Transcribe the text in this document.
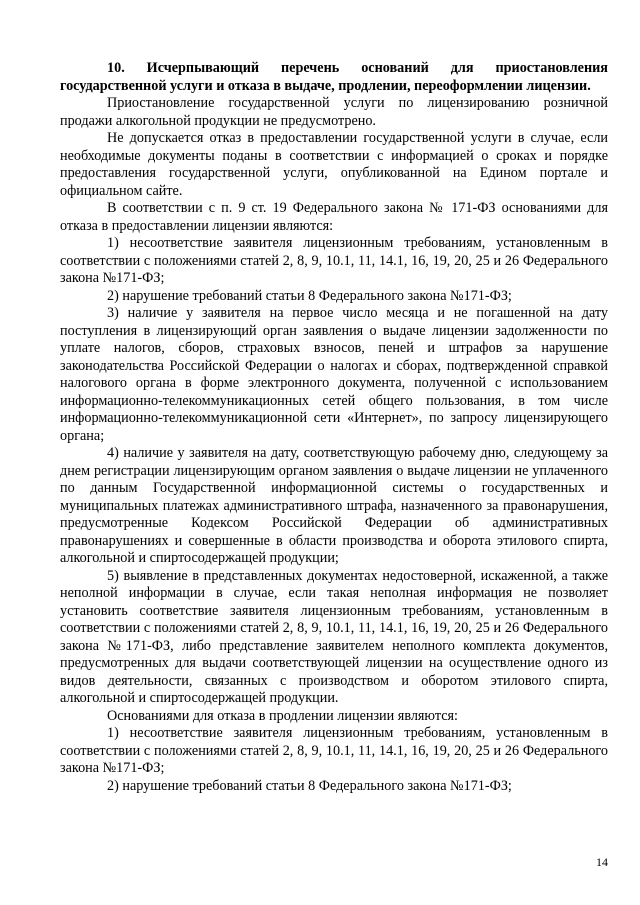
10. Исчерпывающий перечень оснований для приостановления государственной услуги и отказа в выдаче, продлении, переоформлении лицензии.

Приостановление государственной услуги по лицензированию розничной продажи алкогольной продукции не предусмотрено.

Не допускается отказ в предоставлении государственной услуги в случае, если необходимые документы поданы в соответствии с информацией о сроках и порядке предоставления государственной услуги, опубликованной на Едином портале и официальном сайте.

В соответствии с п. 9 ст. 19 Федерального закона № 171-ФЗ основаниями для отказа в предоставлении лицензии являются:

1) несоответствие заявителя лицензионным требованиям, установленным в соответствии с положениями статей 2, 8, 9, 10.1, 11, 14.1, 16, 19, 20, 25 и 26 Федерального закона №171-ФЗ;

2) нарушение требований статьи 8 Федерального закона №171-ФЗ;

3) наличие у заявителя на первое число месяца и не погашенной на дату поступления в лицензирующий орган заявления о выдаче лицензии задолженности по уплате налогов, сборов, страховых взносов, пеней и штрафов за нарушение законодательства Российской Федерации о налогах и сборах, подтвержденной справкой налогового органа в форме электронного документа, полученной с использованием информационно-телекоммуникационных сетей общего пользования, в том числе информационно-телекоммуникационной сети «Интернет», по запросу лицензирующего органа;

4) наличие у заявителя на дату, соответствующую рабочему дню, следующему за днем регистрации лицензирующим органом заявления о выдаче лицензии не уплаченного по данным Государственной информационной системы о государственных и муниципальных платежах административного штрафа, назначенного за правонарушения, предусмотренные Кодексом Российской Федерации об административных правонарушениях и совершенные в области производства и оборота этилового спирта, алкогольной и спиртосодержащей продукции;

5) выявление в представленных документах недостоверной, искаженной, а также неполной информации в случае, если такая неполная информация не позволяет установить соответствие заявителя лицензионным требованиям, установленным в соответствии с положениями статей 2, 8, 9, 10.1, 11, 14.1, 16, 19, 20, 25 и 26 Федерального закона №171-ФЗ, либо представление заявителем неполного комплекта документов, предусмотренных для выдачи соответствующей лицензии на осуществление одного из видов деятельности, связанных с производством и оборотом этилового спирта, алкогольной и спиртосодержащей продукции.

Основаниями для отказа в продлении лицензии являются:

1) несоответствие заявителя лицензионным требованиям, установленным в соответствии с положениями статей 2, 8, 9, 10.1, 11, 14.1, 16, 19, 20, 25 и 26 Федерального закона №171-ФЗ;

2) нарушение требований статьи 8 Федерального закона №171-ФЗ;

14
